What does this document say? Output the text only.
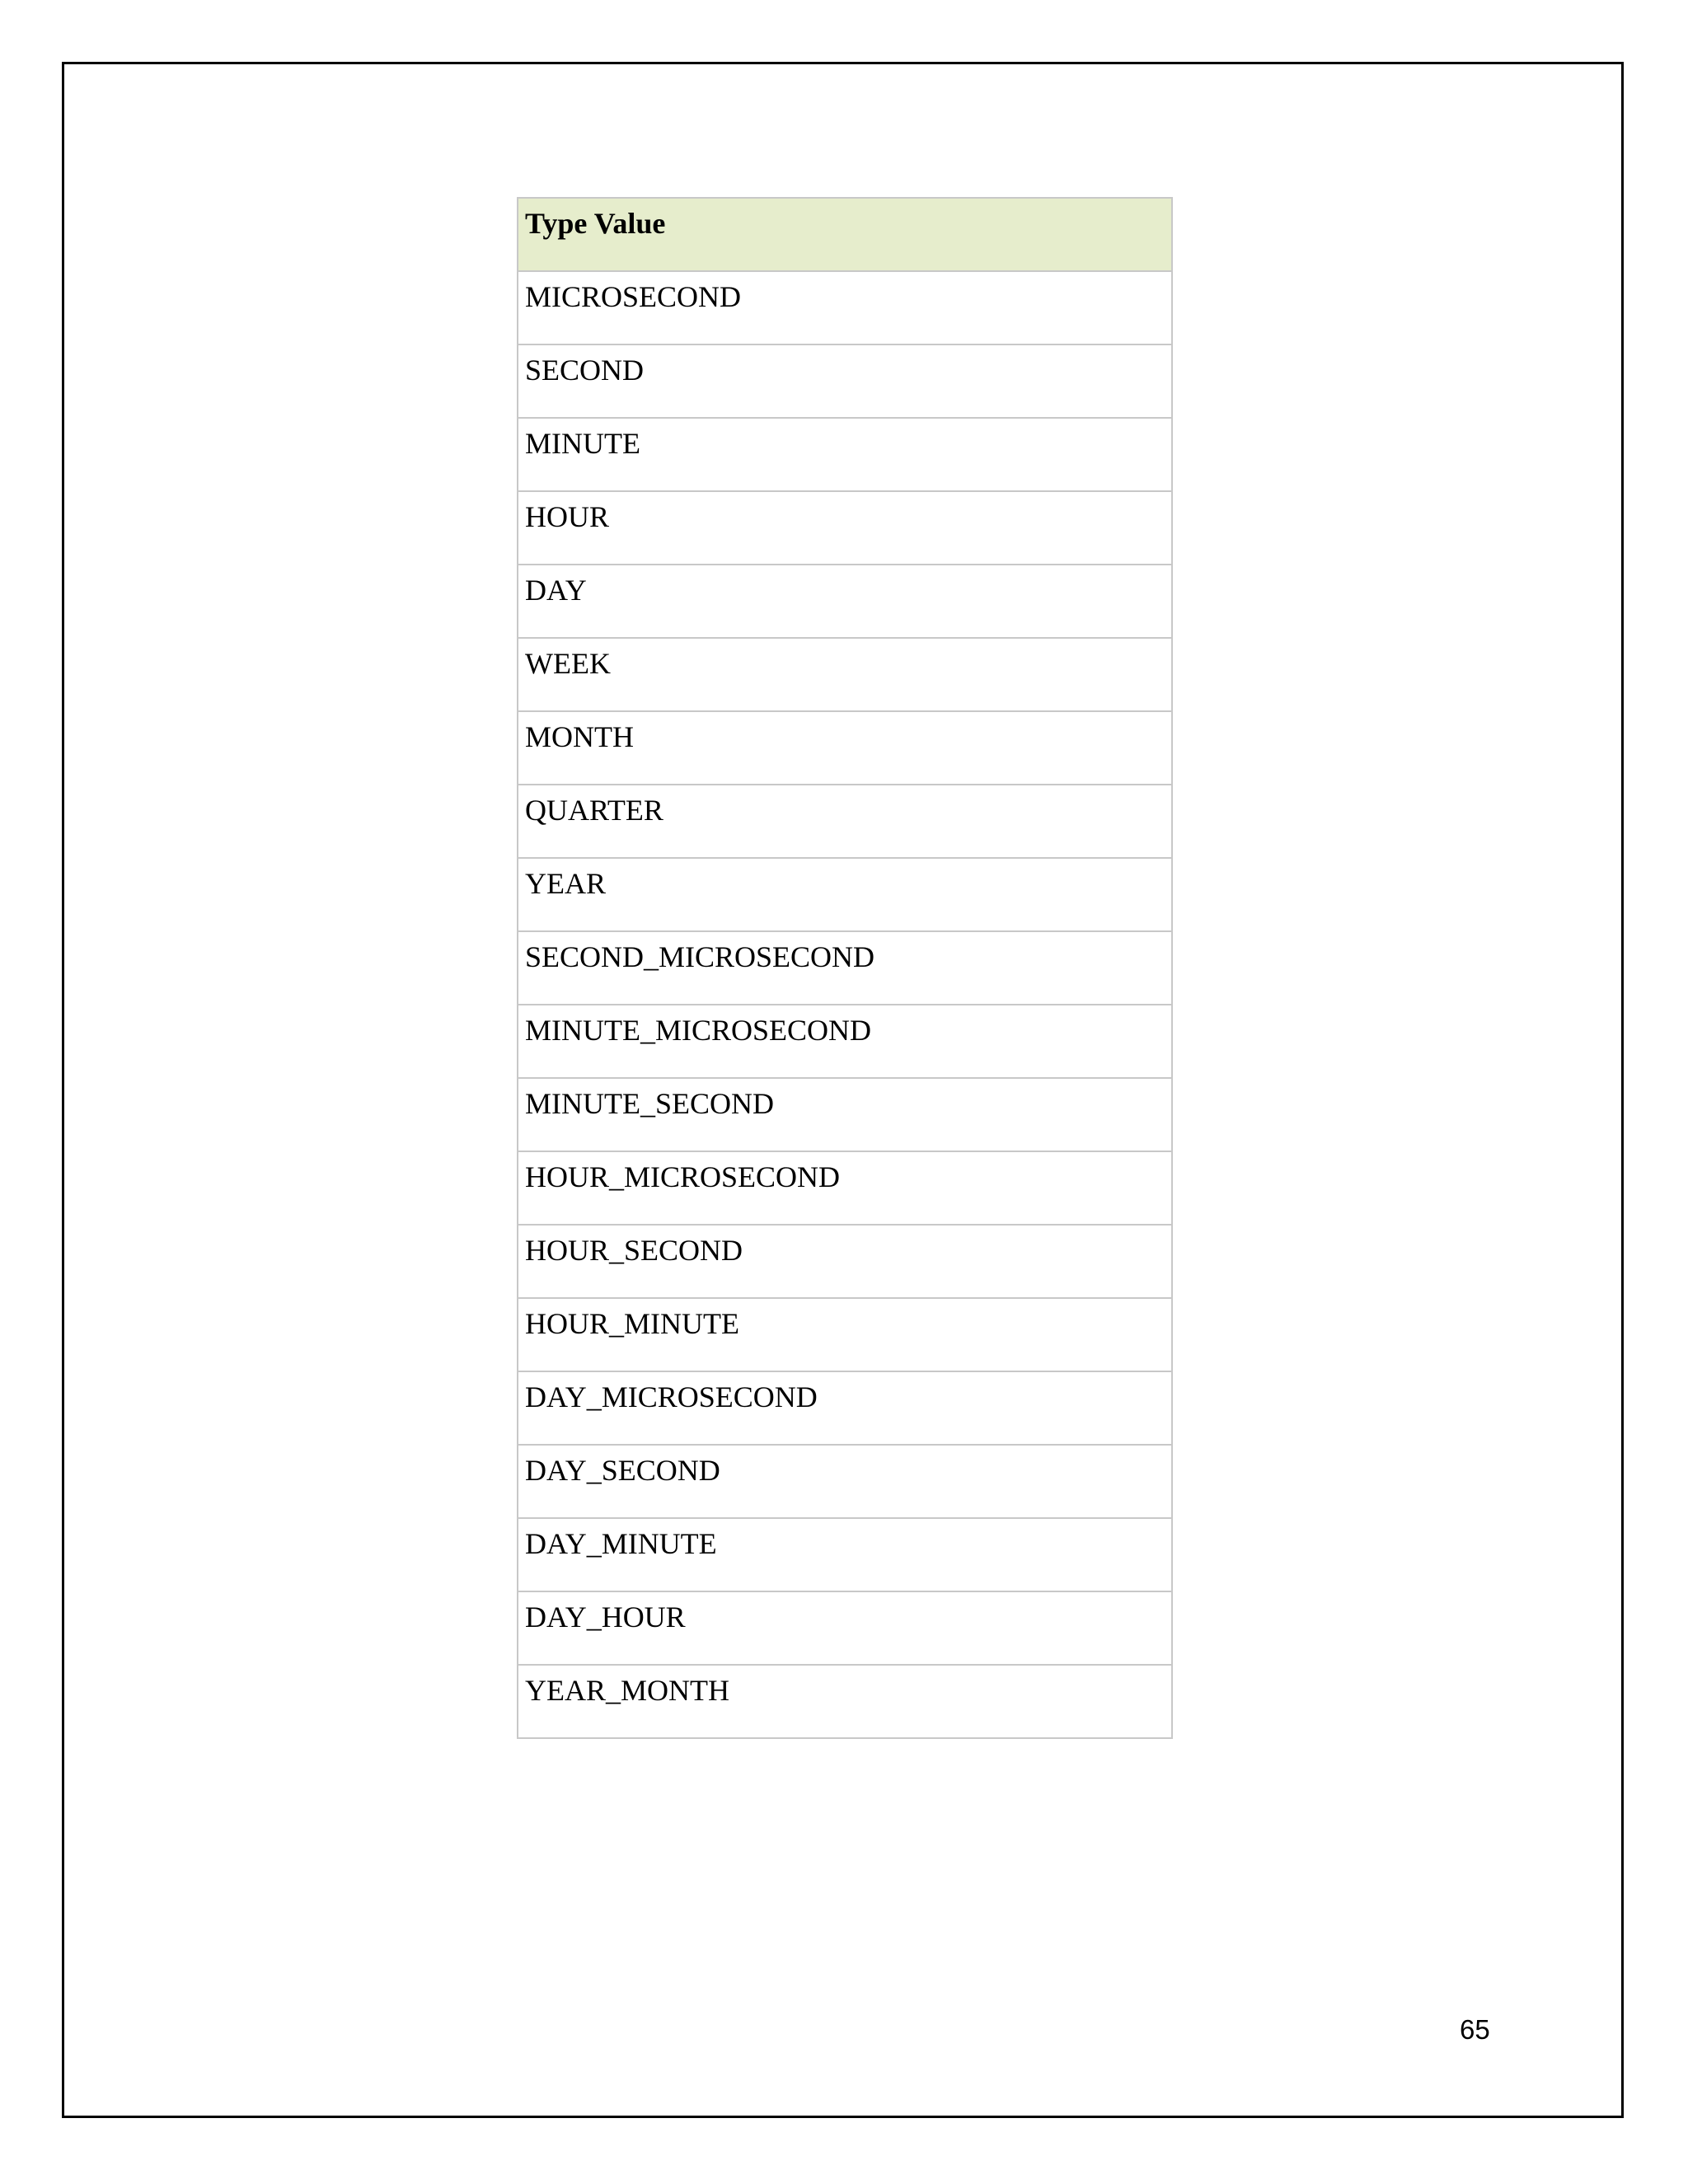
Type Value

MICROSECOND

SECOND

MINUTE

HOUR

DAY

WEEK

MONTH

QUARTER

YEAR

SECOND_MICROSECOND

MINUTE_MICROSECOND

MINUTE_SECOND

HOUR_MICROSECOND

HOUR_SECOND

HOUR_MINUTE

DAY_MICROSECOND

DAY_SECOND

DAY_MINUTE

DAY_HOUR

YEAR_MONTH
65
